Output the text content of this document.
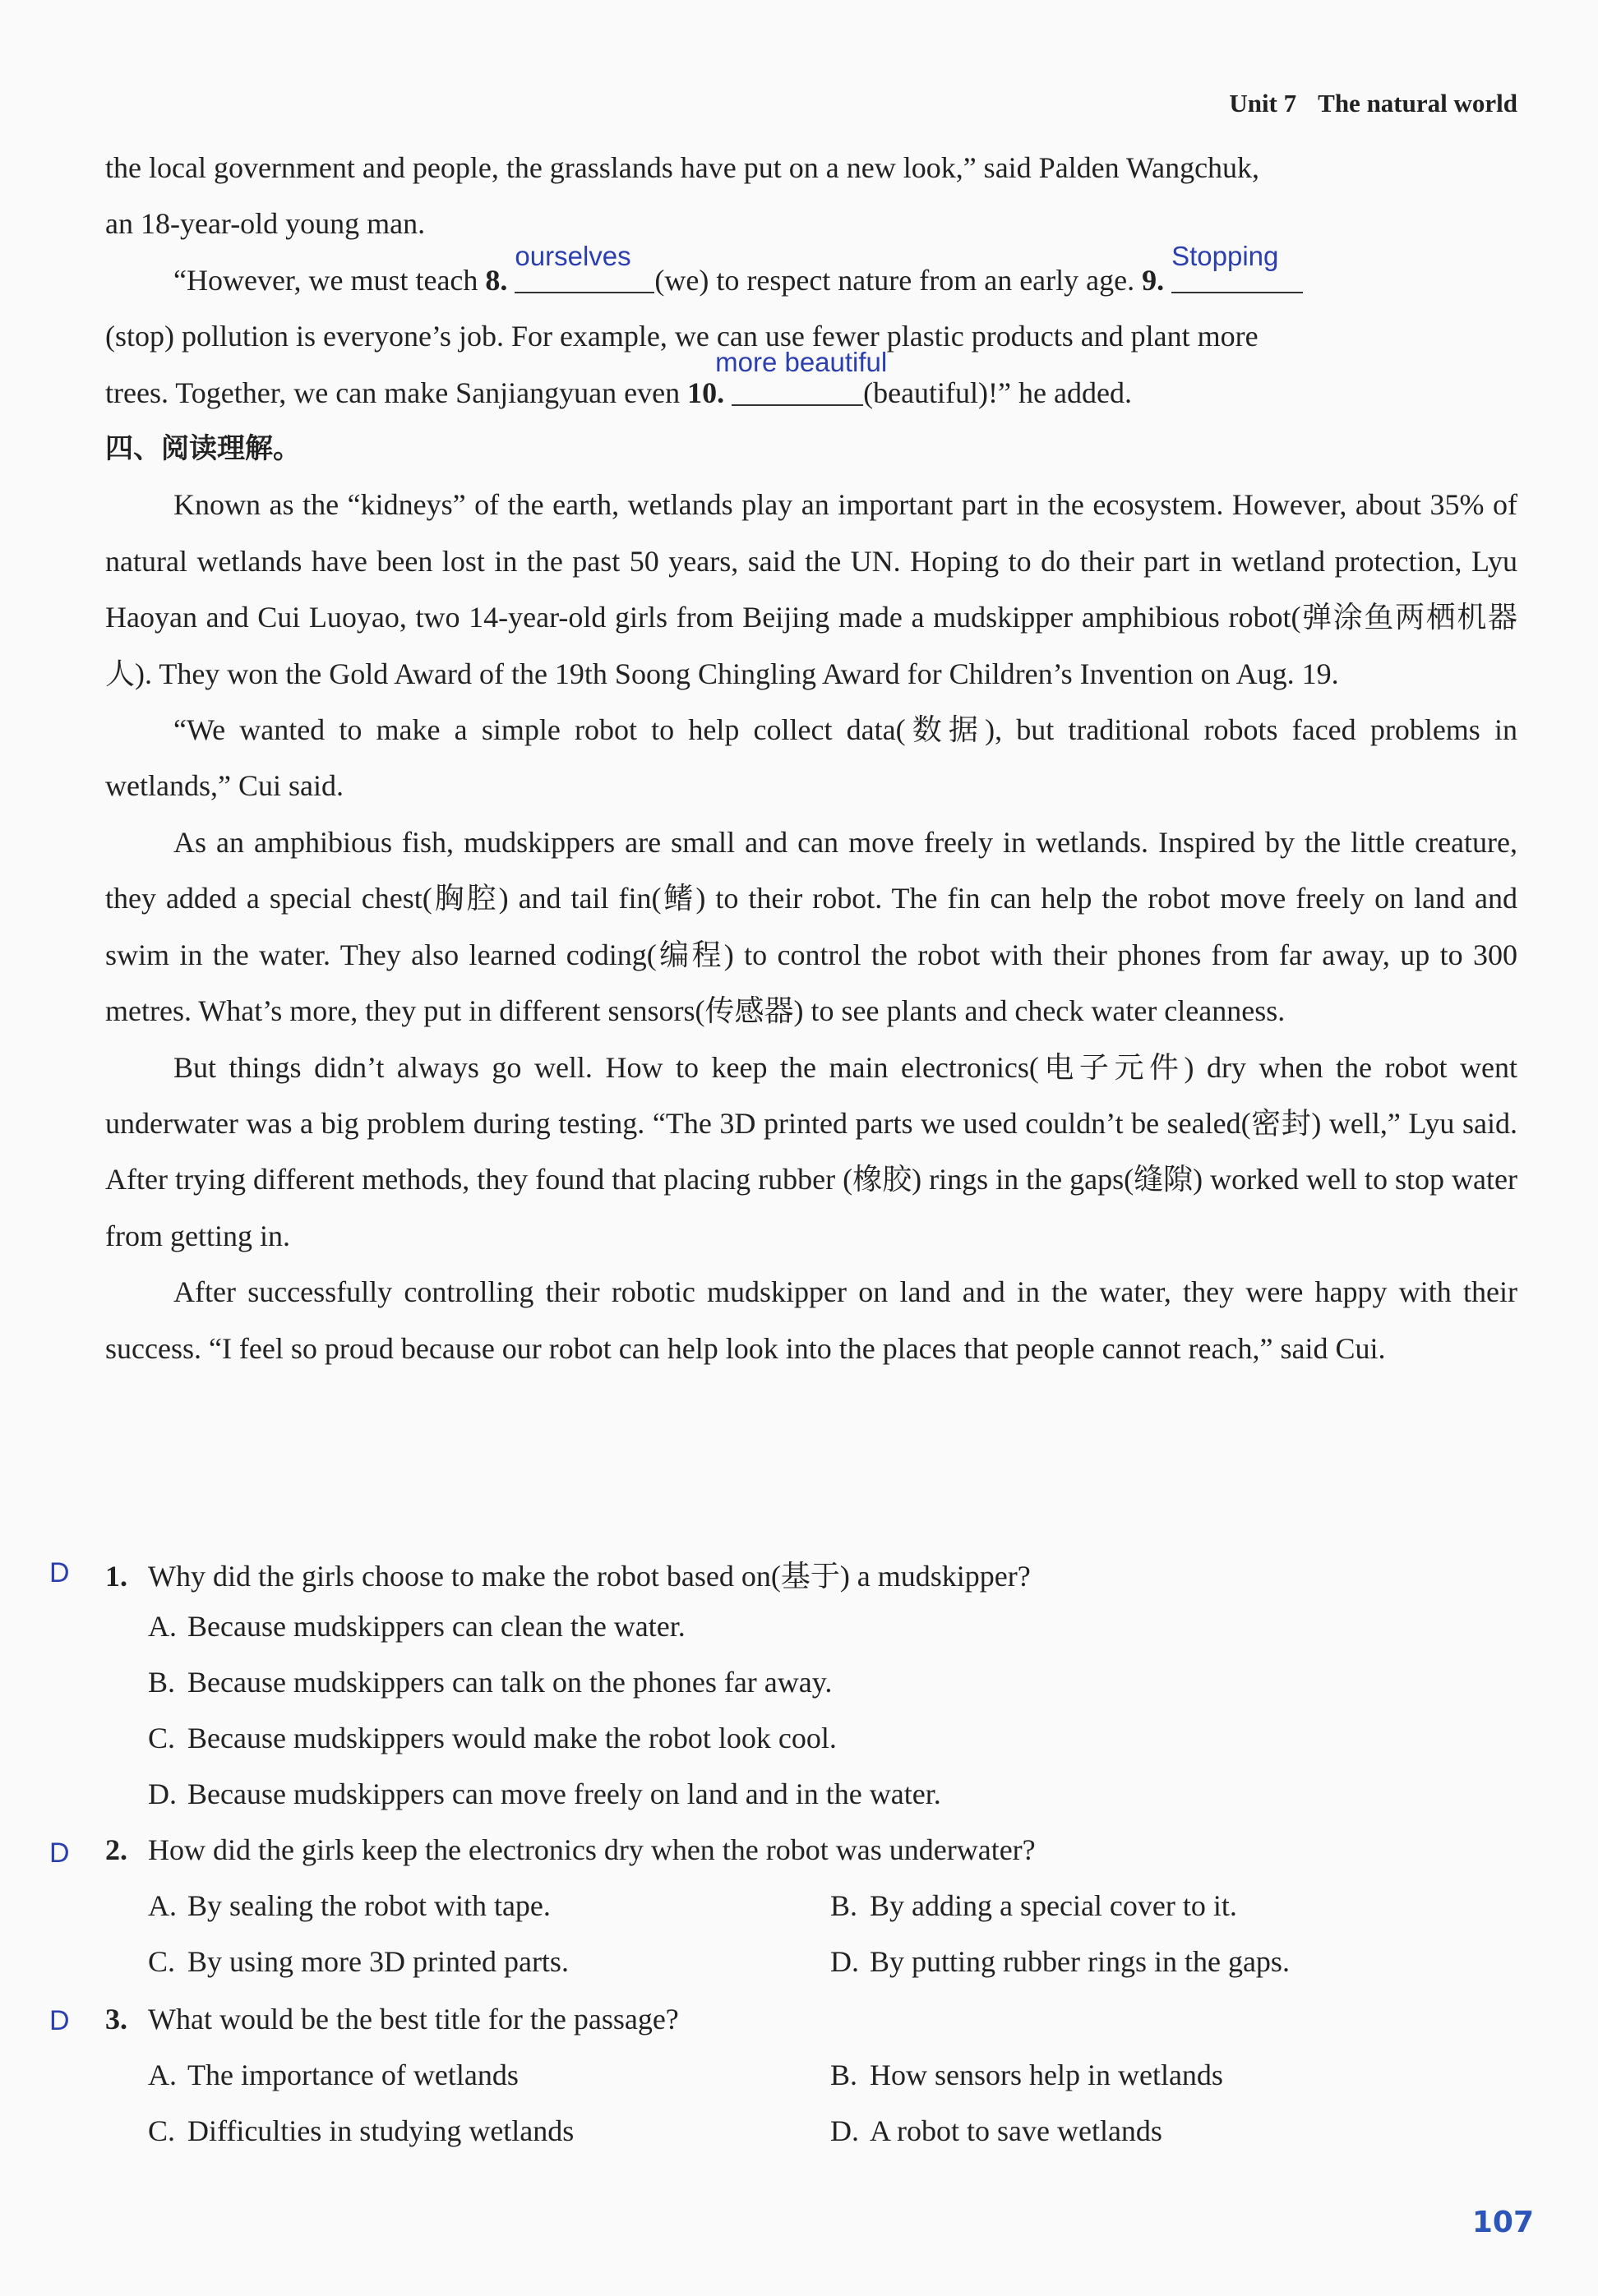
Unit 7 The natural world

the local government and people, the grasslands have put on a new look,” said Palden Wangchuk,

an 18-year-old young man.

“However, we must teach 8.
ourselves
(we) to respect nature from an early age. 9.
Stopping

(stop) pollution is everyone’s job. For example, we can use fewer plastic products and plant more

trees. Together, we can make Sanjiangyuan even 10.
more beautiful
(beautiful)!” he added.

四、阅读理解。

Known as the “kidneys” of the earth, wetlands play an important part in the ecosystem. However, about 35% of natural wetlands have been lost in the past 50 years, said the UN. Hoping to do their part in wetland protection, Lyu Haoyan and Cui Luoyao, two 14-year-old girls from Beijing made a mudskipper amphibious robot(弹涂鱼两栖机器人). They won the Gold Award of the 19th Soong Chingling Award for Children’s Invention on Aug. 19.

“We wanted to make a simple robot to help collect data(数据), but traditional robots faced problems in wetlands,” Cui said.

As an amphibious fish, mudskippers are small and can move freely in wetlands. Inspired by the little creature, they added a special chest(胸腔) and tail fin(鳍) to their robot. The fin can help the robot move freely on land and swim in the water. They also learned coding(编程) to control the robot with their phones from far away, up to 300 metres. What’s more, they put in different sensors(传感器) to see plants and check water cleanness.

But things didn’t always go well. How to keep the main electronics(电子元件) dry when the robot went underwater was a big problem during testing. “The 3D printed parts we used couldn’t be sealed(密封) well,” Lyu said. After trying different methods, they found that placing rubber (橡胶) rings in the gaps(缝隙) worked well to stop water from getting in.

After successfully controlling their robotic mudskipper on land and in the water, they were happy with their success. “I feel so proud because our robot can help look into the places that people cannot reach,” said Cui.

D 1. Why did the girls choose to make the robot based on(基于) a mudskipper?
A. Because mudskippers can clean the water.
B. Because mudskippers can talk on the phones far away.
C. Because mudskippers would make the robot look cool.
D. Because mudskippers can move freely on land and in the water.
D 2. How did the girls keep the electronics dry when the robot was underwater?
A. By sealing the robot with tape.	B. By adding a special cover to it.
C. By using more 3D printed parts.	D. By putting rubber rings in the gaps.
D 3. What would be the best title for the passage?
A. The importance of wetlands	B. How sensors help in wetlands
C. Difficulties in studying wetlands	D. A robot to save wetlands
107
